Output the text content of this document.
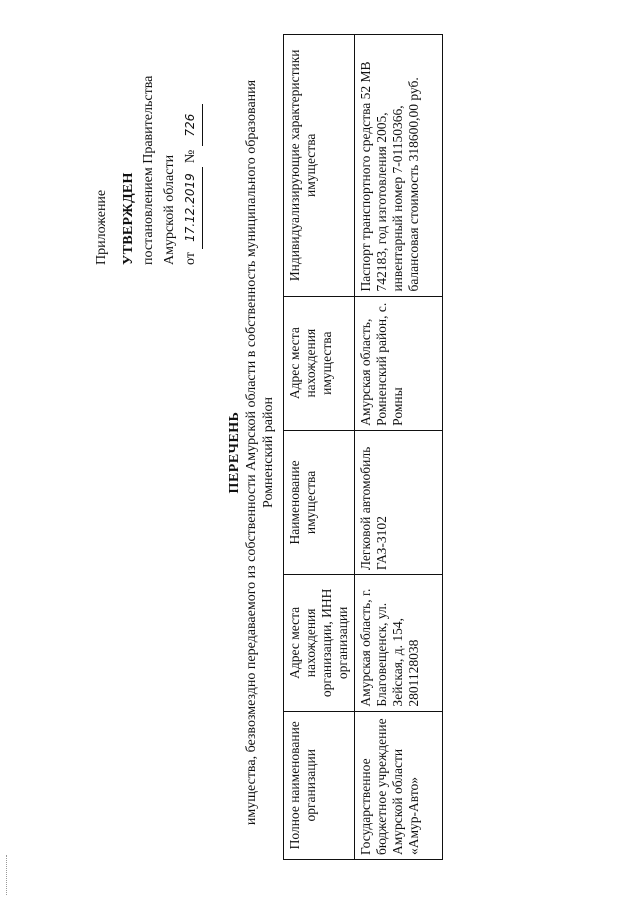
Приложение УТВЕРЖДЕН постановлением Правительства Амурской области от 17.12.2019 № 726
ПЕРЕЧЕНЬ имущества, безвозмездно передаваемого из собственности Амурской области в собственность муниципального образования Ромненский район
Полное наименование организации	Адрес места нахождения организации, ИНН организации	Наименование имущества	Адрес места нахождения имущества	Индивидуализирующие характеристики имущества
Государственное бюджетное учреждение Амурской области «Амур-Авто»	Амурская область, г. Благовещенск, ул. Зейская, д. 154, 2801128038	Легковой автомобиль ГАЗ-3102	Амурская область, Ромненский район, с. Ромны	Паспорт транспортного средства 52 МВ 742183, год изготовления 2005, инвентарный номер 7-01150366, балансовая стоимость 318600,00 руб.
